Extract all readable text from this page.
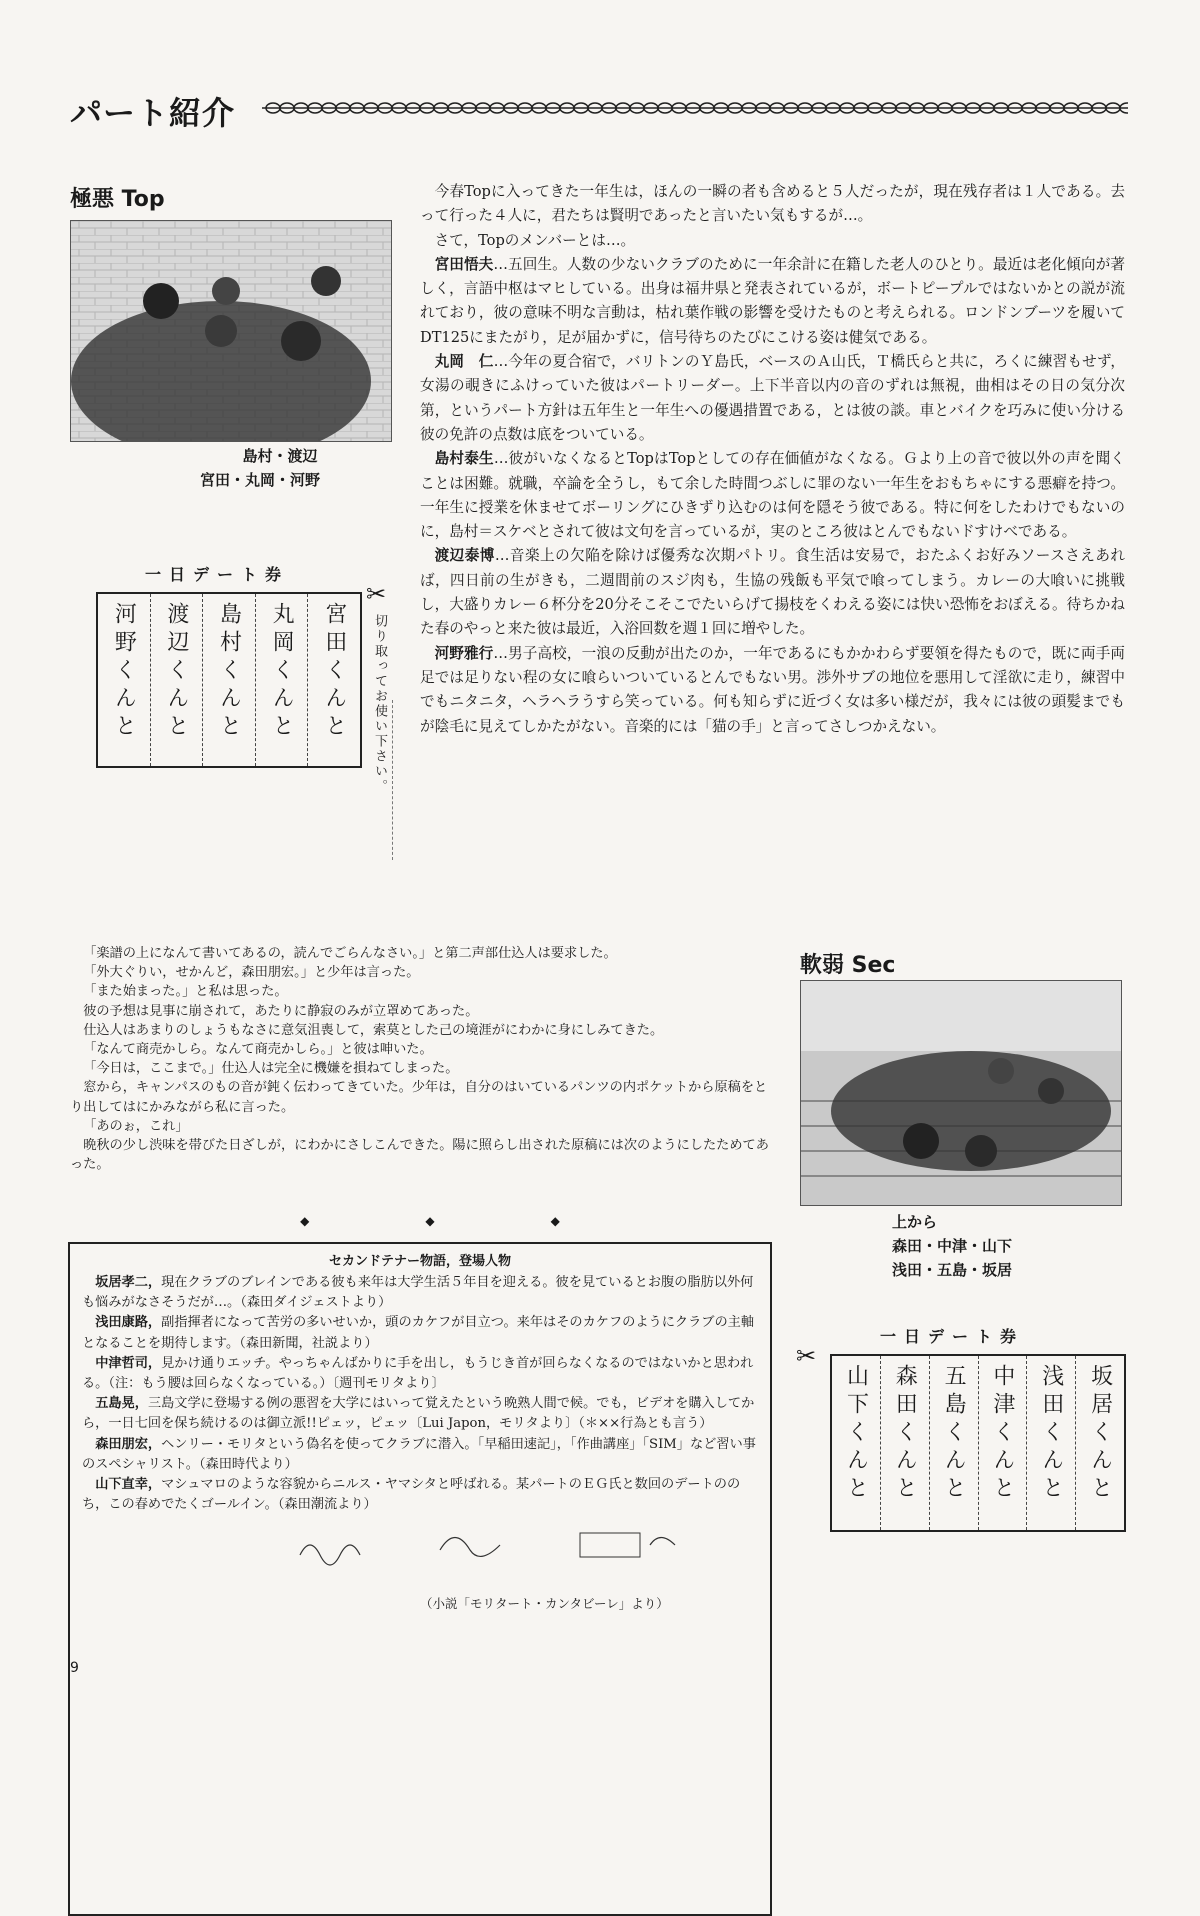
パート紹介
極悪 Top
島村・渡辺
宮田・丸岡・河野
一日デート券
宮田くんと
丸岡くんと
島村くんと
渡辺くんと
河野くんと
✂
切り取ってお使い下さい。

今春Topに入ってきた一年生は，ほんの一瞬の者も含めると５人だったが，現在残存者は１人である。去って行った４人に，君たちは賢明であったと言いたい気もするが…。

さて，Topのメンバーとは…。

宮田悟夫…五回生。人数の少ないクラブのために一年余計に在籍した老人のひとり。最近は老化傾向が著しく，言語中枢はマヒしている。出身は福井県と発表されているが，ボートピープルではないかとの説が流れており，彼の意味不明な言動は，枯れ葉作戦の影響を受けたものと考えられる。ロンドンブーツを履いてDT125にまたがり，足が届かずに，信号待ちのたびにこける姿は健気である。

丸岡　仁…今年の夏合宿で，バリトンのＹ島氏，ベースのＡ山氏，Ｔ橋氏らと共に，ろくに練習もせず，女湯の覗きにふけっていた彼はパートリーダー。上下半音以内の音のずれは無視，曲相はその日の気分次第，というパート方針は五年生と一年生への優遇措置である，とは彼の談。車とバイクを巧みに使い分ける彼の免許の点数は底をついている。

島村泰生…彼がいなくなるとTopはTopとしての存在価値がなくなる。Ｇより上の音で彼以外の声を聞くことは困難。就職，卒論を全うし，もて余した時間つぶしに罪のない一年生をおもちゃにする悪癖を持つ。一年生に授業を休ませてボーリングにひきずり込むのは何を隠そう彼である。特に何をしたわけでもないのに，島村＝スケベとされて彼は文句を言っているが，実のところ彼はとんでもないドすけべである。

渡辺泰博…音楽上の欠陥を除けば優秀な次期パトリ。食生活は安易で，おたふくお好みソースさえあれば，四日前の生がきも，二週間前のスジ肉も，生協の残飯も平気で喰ってしまう。カレーの大喰いに挑戦し，大盛りカレー６杯分を20分そこそこでたいらげて揚枝をくわえる姿には快い恐怖をおぼえる。待ちかねた春のやっと来た彼は最近，入浴回数を週１回に増やした。

河野雅行…男子高校，一浪の反動が出たのか，一年であるにもかかわらず要領を得たもので，既に両手両足では足りない程の女に喰らいついているとんでもない男。渉外サブの地位を悪用して淫欲に走り，練習中でもニタニタ，ヘラヘラうすら笑っている。何も知らずに近づく女は多い様だが，我々には彼の頭髪までもが陰毛に見えてしかたがない。音楽的には「猫の手」と言ってさしつかえない。

「楽譜の上になんて書いてあるの，読んでごらんなさい。」と第二声部仕込人は要求した。

「外大ぐりい，せかんど，森田朋宏。」と少年は言った。

「また始まった。」と私は思った。

彼の予想は見事に崩されて，あたりに静寂のみが立罩めてあった。

仕込人はあまりのしょうもなさに意気沮喪して，索莫とした己の境涯がにわかに身にしみてきた。

「なんて商売かしら。なんて商売かしら。」と彼は呻いた。

「今日は，ここまで。」仕込人は完全に機嫌を損ねてしまった。

窓から，キャンパスのもの音が鈍く伝わってきていた。少年は，自分のはいているパンツの内ポケットから原稿をとり出してはにかみながら私に言った。

「あのぉ，これ」

晩秋の少し渋味を帯びた日ざしが，にわかにさしこんできた。陽に照らし出された原稿には次のようにしたためてあった。

◆　　　◆　　　◆
セカンドテナー物語，登場人物

坂居孝二，現在クラブのブレインである彼も来年は大学生活５年目を迎える。彼を見ているとお腹の脂肪以外何も悩みがなさそうだが…。（森田ダイジェストより）

浅田康路，副指揮者になって苦労の多いせいか，頭のカケフが目立つ。来年はそのカケフのようにクラブの主軸となることを期待します。（森田新聞，社説より）

中津哲司，見かけ通りエッチ。やっちゃんばかりに手を出し，もうじき首が回らなくなるのではないかと思われる。（注：もう腰は回らなくなっている。）〔週刊モリタより〕

五島晃，三島文学に登場する例の悪習を大学にはいって覚えたという晩熟人間で候。でも，ビデオを購入してから，一日七回を保ち続けるのは御立派!!ピェッ，ピェッ〔Lui Japon，モリタより〕（＊××行為とも言う）

森田朋宏，ヘンリー・モリタという偽名を使ってクラブに潜入。「早稲田速記」，「作曲講座」「SIM」など習い事のスペシャリスト。（森田時代より）

山下直幸，マシュマロのような容貌からニルス・ヤマシタと呼ばれる。某パートのＥＧ氏と数回のデートののち，この春めでたくゴールイン。（森田潮流より）

（小説「モリタート・カンタビーレ」より）
軟弱 Sec
上から
森田・中津・山下
浅田・五島・坂居
一日デート券
✂
坂居くんと
浅田くんと
中津くんと
五島くんと
森田くんと
山下くんと
9
